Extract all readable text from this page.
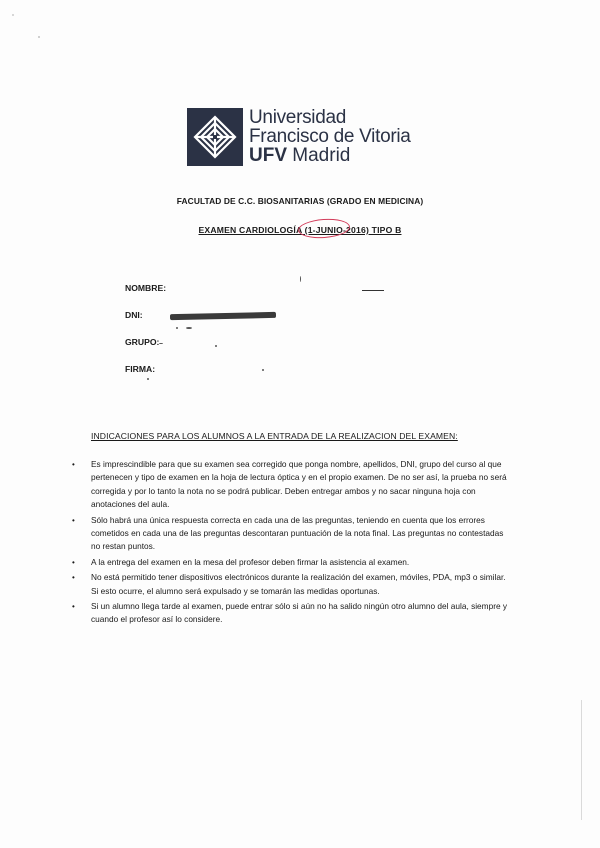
Universidad
Francisco de Vitoria
UFV Madrid
FACULTAD DE C.C. BIOSANITARIAS (GRADO EN MEDICINA)
EXAMEN CARDIOLOGÍA (1-JUNIO-2016) TIPO B
NOMBRE:
DNI:
GRUPO:
FIRMA:
INDICACIONES PARA LOS ALUMNOS A LA ENTRADA DE LA REALIZACION DEL EXAMEN:
• Es imprescindible para que su examen sea corregido que ponga nombre, apellidos, DNI, grupo del curso al que pertenecen y tipo de examen en la hoja de lectura óptica y en el propio examen. De no ser así, la prueba no será corregida y por lo tanto la nota no se podrá publicar. Deben entregar ambos y no sacar ninguna hoja con anotaciones del aula.
• Sólo habrá una única respuesta correcta en cada una de las preguntas, teniendo en cuenta que los errores cometidos en cada una de las preguntas descontaran puntuación de la nota final. Las preguntas no contestadas no restan puntos.
• A la entrega del examen en la mesa del profesor deben firmar la asistencia al examen.
• No está permitido tener dispositivos electrónicos durante la realización del examen, móviles, PDA, mp3 o similar. Si esto ocurre, el alumno será expulsado y se tomarán las medidas oportunas.
• Si un alumno llega tarde al examen, puede entrar sólo si aún no ha salido ningún otro alumno del aula, siempre y cuando el profesor así lo considere.
